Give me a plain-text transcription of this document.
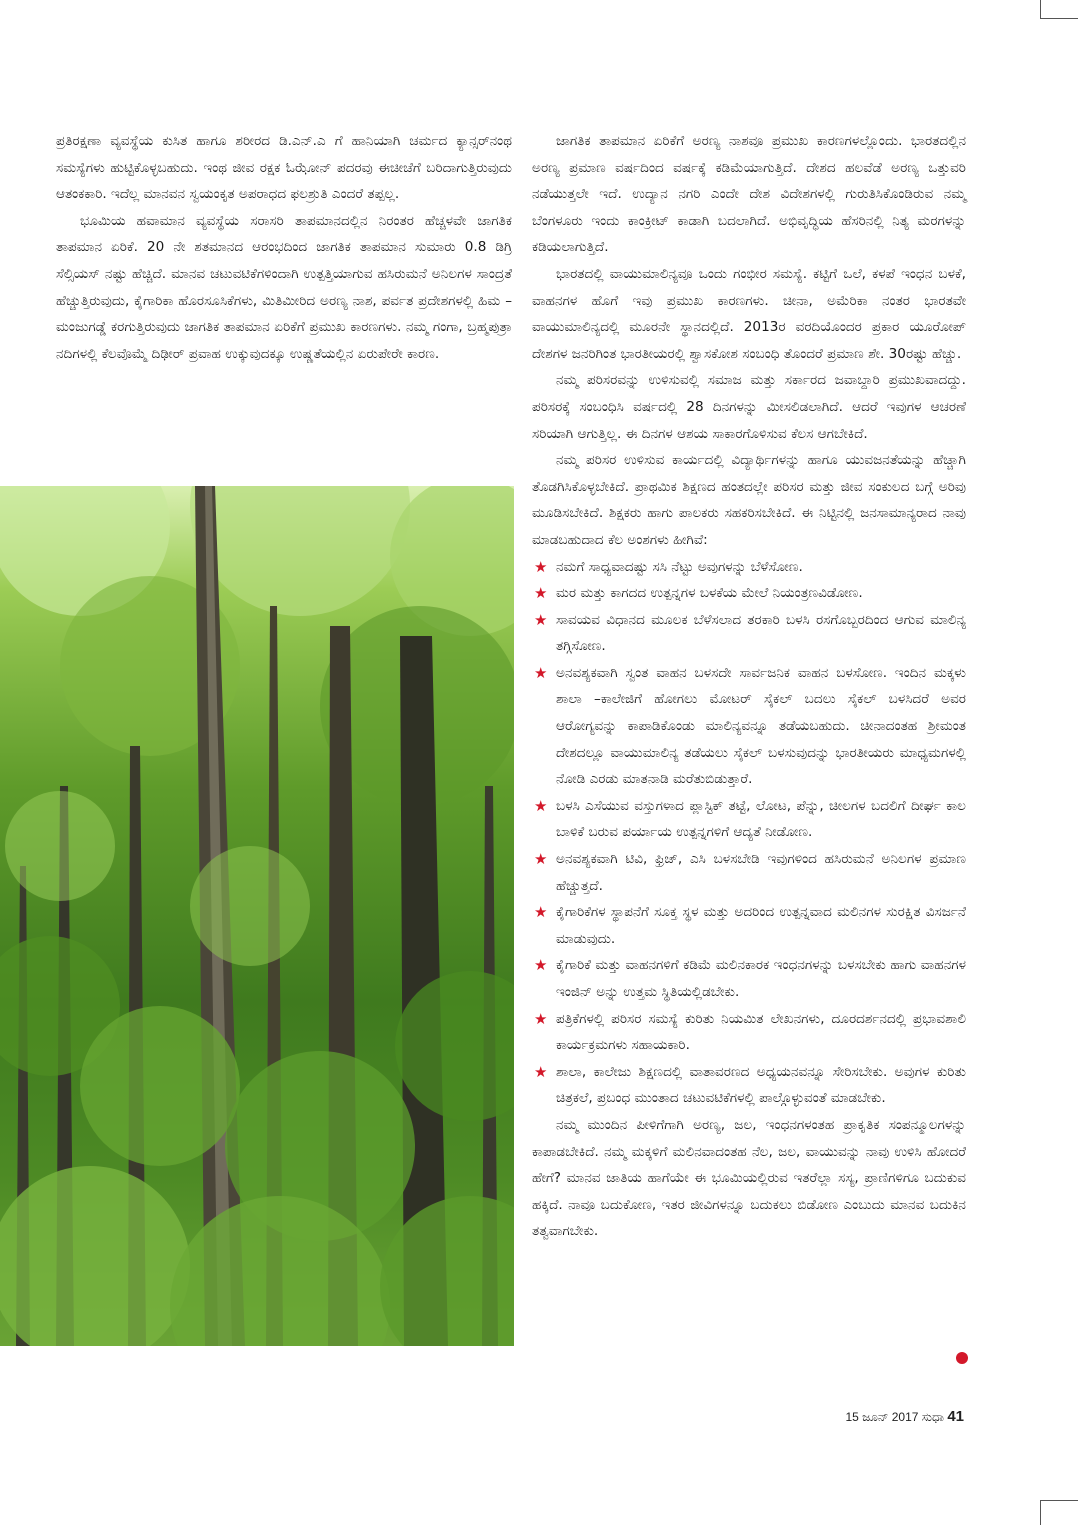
ಪ್ರತಿರಕ್ಷಣಾ ವ್ಯವಸ್ಥೆಯ ಕುಸಿತ ಹಾಗೂ ಶರೀರದ ಡಿ.ಎನ್.ಎ ಗೆ ಹಾನಿಯಾಗಿ ಚರ್ಮದ ಕ್ಯಾನ್ಸರ್‌ನಂಥ ಸಮಸ್ಯೆಗಳು ಹುಟ್ಟಿಕೊಳ್ಳಬಹುದು. ಇಂಥ ಜೀವ ರಕ್ಷಕ ಓಝೋನ್ ಪದರವು ಈಚೀಚೆಗೆ ಬರಿದಾಗುತ್ತಿರುವುದು ಆತಂಕಕಾರಿ. ಇದೆಲ್ಲ ಮಾನವನ ಸ್ವಯಂಕೃತ ಅಪರಾಧದ ಫಲಶ್ರುತಿ ಎಂದರೆ ತಪ್ಪಲ್ಲ.

ಭೂಮಿಯ ಹವಾಮಾನ ವ್ಯವಸ್ಥೆಯ ಸರಾಸರಿ ತಾಪಮಾನದಲ್ಲಿನ ನಿರಂತರ ಹೆಚ್ಚಳವೇ ಜಾಗತಿಕ ತಾಪಮಾನ ಏರಿಕೆ. 20 ನೇ ಶತಮಾನದ ಆರಂಭದಿಂದ ಜಾಗತಿಕ ತಾಪಮಾನ ಸುಮಾರು 0.8 ಡಿಗ್ರಿ ಸೆಲ್ಸಿಯಸ್ ನಷ್ಟು ಹೆಚ್ಚಿದೆ. ಮಾನವ ಚಟುವಟಿಕೆಗಳಿಂದಾಗಿ ಉತ್ಪತ್ತಿಯಾಗುವ ಹಸಿರುಮನೆ ಅನಿಲಗಳ ಸಾಂದ್ರತೆ ಹೆಚ್ಚುತ್ತಿರುವುದು, ಕೈಗಾರಿಕಾ ಹೊರಸೂಸಿಕೆಗಳು, ಮಿತಿಮೀರಿದ ಅರಣ್ಯ ನಾಶ, ಪರ್ವತ ಪ್ರದೇಶಗಳಲ್ಲಿ ಹಿಮ –ಮಂಜುಗಡ್ಡೆ ಕರಗುತ್ತಿರುವುದು ಜಾಗತಿಕ ತಾಪಮಾನ ಏರಿಕೆಗೆ ಪ್ರಮುಖ ಕಾರಣಗಳು. ನಮ್ಮ ಗಂಗಾ, ಬ್ರಹ್ಮಪುತ್ರಾ ನದಿಗಳಲ್ಲಿ ಕೆಲವೊಮ್ಮೆ ದಿಢೀರ್ ಪ್ರವಾಹ ಉಕ್ಕುವುದಕ್ಕೂ ಉಷ್ಣತೆಯಲ್ಲಿನ ಏರುಪೇರೇ ಕಾರಣ.

ಜಾಗತಿಕ ತಾಪಮಾನ ಏರಿಕೆಗೆ ಅರಣ್ಯ ನಾಶವೂ ಪ್ರಮುಖ ಕಾರಣಗಳಲ್ಲೊಂದು. ಭಾರತದಲ್ಲಿನ ಅರಣ್ಯ ಪ್ರಮಾಣ ವರ್ಷದಿಂದ ವರ್ಷಕ್ಕೆ ಕಡಿಮೆಯಾಗುತ್ತಿದೆ. ದೇಶದ ಹಲವೆಡೆ ಅರಣ್ಯ ಒತ್ತುವರಿ ನಡೆಯುತ್ತಲೇ ಇದೆ. ಉದ್ಯಾನ ನಗರಿ ಎಂದೇ ದೇಶ ವಿದೇಶಗಳಲ್ಲಿ ಗುರುತಿಸಿಕೊಂಡಿರುವ ನಮ್ಮ ಬೆಂಗಳೂರು ಇಂದು ಕಾಂಕ್ರೀಟ್ ಕಾಡಾಗಿ ಬದಲಾಗಿದೆ. ಅಭಿವೃದ್ಧಿಯ ಹೆಸರಿನಲ್ಲಿ ನಿತ್ಯ ಮರಗಳನ್ನು ಕಡಿಯಲಾಗುತ್ತಿದೆ.

ಭಾರತದಲ್ಲಿ ವಾಯುಮಾಲಿನ್ಯವೂ ಒಂದು ಗಂಭೀರ ಸಮಸ್ಯೆ. ಕಟ್ಟಿಗೆ ಒಲೆ, ಕಳಪೆ ಇಂಧನ ಬಳಕೆ, ವಾಹನಗಳ ಹೊಗೆ ಇವು ಪ್ರಮುಖ ಕಾರಣಗಳು. ಚೀನಾ, ಅಮೆರಿಕಾ ನಂತರ ಭಾರತವೇ ವಾಯುಮಾಲಿನ್ಯದಲ್ಲಿ ಮೂರನೇ ಸ್ಥಾನದಲ್ಲಿದೆ. 2013ರ ವರದಿಯೊಂದರ ಪ್ರಕಾರ ಯೂರೋಪ್ ದೇಶಗಳ ಜನರಿಗಿಂತ ಭಾರತೀಯರಲ್ಲಿ ಶ್ವಾಸಕೋಶ ಸಂಬಂಧಿ ತೊಂದರೆ ಪ್ರಮಾಣ ಶೇ. 30ರಷ್ಟು ಹೆಚ್ಚು.

ನಮ್ಮ ಪರಿಸರವನ್ನು ಉಳಿಸುವಲ್ಲಿ ಸಮಾಜ ಮತ್ತು ಸರ್ಕಾರದ ಜವಾಬ್ದಾರಿ ಪ್ರಮುಖವಾದದ್ದು. ಪರಿಸರಕ್ಕೆ ಸಂಬಂಧಿಸಿ ವರ್ಷದಲ್ಲಿ 28 ದಿನಗಳನ್ನು ಮೀಸಲಿಡಲಾಗಿದೆ. ಆದರೆ ಇವುಗಳ ಆಚರಣೆ ಸರಿಯಾಗಿ ಆಗುತ್ತಿಲ್ಲ. ಈ ದಿನಗಳ ಆಶಯ ಸಾಕಾರಗೊಳಿಸುವ ಕೆಲಸ ಆಗಬೇಕಿದೆ.

ನಮ್ಮ ಪರಿಸರ ಉಳಿಸುವ ಕಾರ್ಯದಲ್ಲಿ ವಿದ್ಯಾರ್ಥಿಗಳನ್ನು ಹಾಗೂ ಯುವಜನತೆಯನ್ನು ಹೆಚ್ಚಾಗಿ ತೊಡಗಿಸಿಕೊಳ್ಳಬೇಕಿದೆ. ಪ್ರಾಥಮಿಕ ಶಿಕ್ಷಣದ ಹಂತದಲ್ಲೇ ಪರಿಸರ ಮತ್ತು ಜೀವ ಸಂಕುಲದ ಬಗ್ಗೆ ಅರಿವು ಮೂಡಿಸಬೇಕಿದೆ. ಶಿಕ್ಷಕರು ಹಾಗು ಪಾಲಕರು ಸಹಕರಿಸಬೇಕಿದೆ. ಈ ನಿಟ್ಟಿನಲ್ಲಿ ಜನಸಾಮಾನ್ಯರಾದ ನಾವು ಮಾಡಬಹುದಾದ ಕೆಲ ಅಂಶಗಳು ಹೀಗಿವೆ:

★ ನಮಗೆ ಸಾಧ್ಯವಾದಷ್ಟು ಸಸಿ ನೆಟ್ಟು ಅವುಗಳನ್ನು ಬೆಳೆಸೋಣ.
★ ಮರ ಮತ್ತು ಕಾಗದದ ಉತ್ಪನ್ನಗಳ ಬಳಕೆಯ ಮೇಲೆ ನಿಯಂತ್ರಣವಿಡೋಣ.
★ ಸಾವಯವ ವಿಧಾನದ ಮೂಲಕ ಬೆಳೆಸಲಾದ ತರಕಾರಿ ಬಳಸಿ ರಸಗೊಬ್ಬರದಿಂದ ಆಗುವ ಮಾಲಿನ್ಯ ತಗ್ಗಿಸೋಣ.
★ ಅನವಶ್ಯಕವಾಗಿ ಸ್ವಂತ ವಾಹನ ಬಳಸದೇ ಸಾರ್ವಜನಿಕ ವಾಹನ ಬಳಸೋಣ. ಇಂದಿನ ಮಕ್ಕಳು ಶಾಲಾ –ಕಾಲೇಜಿಗೆ ಹೋಗಲು ಮೋಟರ್ ಸೈಕಲ್ ಬದಲು ಸೈಕಲ್ ಬಳಸಿದರೆ ಅವರ ಆರೋಗ್ಯವನ್ನು ಕಾಪಾಡಿಕೊಂಡು ಮಾಲಿನ್ಯವನ್ನೂ ತಡೆಯಬಹುದು. ಚೀನಾದಂತಹ ಶ್ರೀಮಂತ ದೇಶದಲ್ಲೂ ವಾಯುಮಾಲಿನ್ಯ ತಡೆಯಲು ಸೈಕಲ್ ಬಳಸುವುದನ್ನು ಭಾರತೀಯರು ಮಾಧ್ಯಮಗಳಲ್ಲಿ ನೋಡಿ ಎರಡು ಮಾತನಾಡಿ ಮರೆತುಬಿಡುತ್ತಾರೆ.
★ ಬಳಸಿ ಎಸೆಯುವ ವಸ್ತುಗಳಾದ ಪ್ಲಾಸ್ಟಿಕ್ ತಟ್ಟೆ, ಲೋಟ, ಪೆನ್ನು, ಚೀಲಗಳ ಬದಲಿಗೆ ದೀರ್ಘ ಕಾಲ ಬಾಳಿಕೆ ಬರುವ ಪರ್ಯಾಯ ಉತ್ಪನ್ನಗಳಿಗೆ ಆದ್ಯತೆ ನೀಡೋಣ.
★ ಅನವಶ್ಯಕವಾಗಿ ಟಿವಿ, ಫ್ರಿಜ್, ಎಸಿ ಬಳಸಬೇಡಿ ಇವುಗಳಿಂದ ಹಸಿರುಮನೆ ಅನಿಲಗಳ ಪ್ರಮಾಣ ಹೆಚ್ಚುತ್ತದೆ.
★ ಕೈಗಾರಿಕೆಗಳ ಸ್ಥಾಪನೆಗೆ ಸೂಕ್ತ ಸ್ಥಳ ಮತ್ತು ಅದರಿಂದ ಉತ್ಪನ್ನವಾದ ಮಲಿನಗಳ ಸುರಕ್ಷಿತ ವಿಸರ್ಜನೆ ಮಾಡುವುದು.
★ ಕೈಗಾರಿಕೆ ಮತ್ತು ವಾಹನಗಳಿಗೆ ಕಡಿಮೆ ಮಲಿನಕಾರಕ ಇಂಧನಗಳನ್ನು ಬಳಸಬೇಕು ಹಾಗು ವಾಹನಗಳ ಇಂಜಿನ್ ಅನ್ನು ಉತ್ತಮ ಸ್ಥಿತಿಯಲ್ಲಿಡಬೇಕು.
★ ಪತ್ರಿಕೆಗಳಲ್ಲಿ ಪರಿಸರ ಸಮಸ್ಯೆ ಕುರಿತು ನಿಯಮಿತ ಲೇಖನಗಳು, ದೂರದರ್ಶನದಲ್ಲಿ ಪ್ರಭಾವಶಾಲಿ ಕಾರ್ಯಕ್ರಮಗಳು ಸಹಾಯಕಾರಿ.
★ ಶಾಲಾ, ಕಾಲೇಜು ಶಿಕ್ಷಣದಲ್ಲಿ ವಾತಾವರಣದ ಅಧ್ಯಯನವನ್ನೂ ಸೇರಿಸಬೇಕು. ಅವುಗಳ ಕುರಿತು ಚಿತ್ರಕಲೆ, ಪ್ರಬಂಧ ಮುಂತಾದ ಚಟುವಟಿಕೆಗಳಲ್ಲಿ ಪಾಲ್ಗೊಳ್ಳುವಂತೆ ಮಾಡಬೇಕು.

ನಮ್ಮ ಮುಂದಿನ ಪೀಳಿಗೆಗಾಗಿ ಅರಣ್ಯ, ಜಲ, ಇಂಧನಗಳಂತಹ ಪ್ರಾಕೃತಿಕ ಸಂಪನ್ಮೂಲಗಳನ್ನು ಕಾಪಾಡಬೇಕಿದೆ. ನಮ್ಮ ಮಕ್ಕಳಿಗೆ ಮಲಿನವಾದಂತಹ ನೆಲ, ಜಲ, ವಾಯುವನ್ನು ನಾವು ಉಳಿಸಿ ಹೋದರೆ ಹೇಗೆ? ಮಾನವ ಜಾತಿಯ ಹಾಗೆಯೇ ಈ ಭೂಮಿಯಲ್ಲಿರುವ ಇತರೆಲ್ಲಾ ಸಸ್ಯ, ಪ್ರಾಣಿಗಳಿಗೂ ಬದುಕುವ ಹಕ್ಕಿದೆ. ನಾವೂ ಬದುಕೋಣ, ಇತರ ಜೀವಿಗಳನ್ನೂ ಬದುಕಲು ಬಿಡೋಣ ಎಂಬುದು ಮಾನವ ಬದುಕಿನ ತತ್ವವಾಗಬೇಕು.

15 ಜೂನ್ 2017 ಸುಧಾ 41
